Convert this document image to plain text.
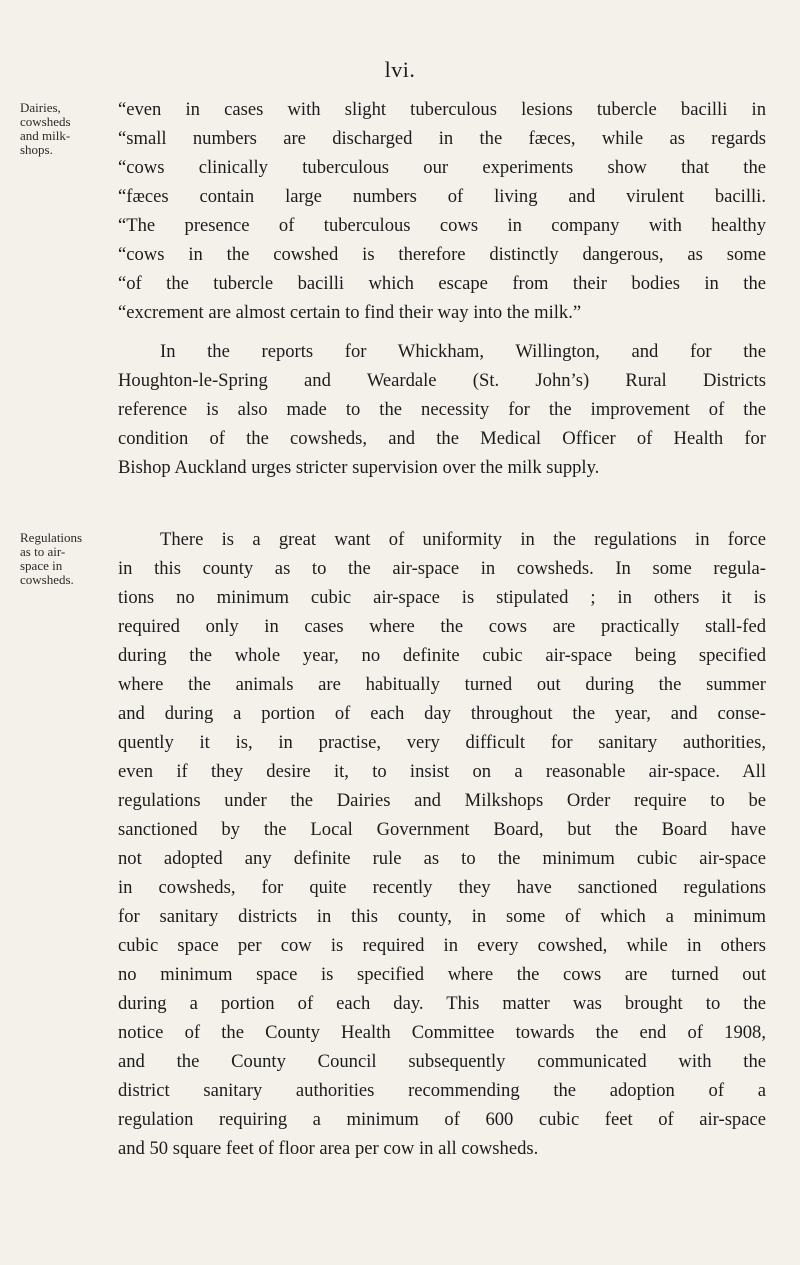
lvi.
Dairies,
cowsheds
and milk-
shops.
Regulations
as to air-
space in
cowsheds.
“even in cases with slight tuberculous lesions tubercle bacilli in
“small numbers are discharged in the fæces, while as regards
“cows clinically tuberculous our experiments show that the
“fæces contain large numbers of living and virulent bacilli.
“The presence of tuberculous cows in company with healthy
“cows in the cowshed is therefore distinctly dangerous, as some
“of the tubercle bacilli which escape from their bodies in the
“excrement are almost certain to find their way into the milk.”
In the reports for Whickham, Willington, and for the
Houghton-le-Spring and Weardale (St. John’s) Rural Districts
reference is also made to the necessity for the improvement of the
condition of the cowsheds, and the Medical Officer of Health for
Bishop Auckland urges stricter supervision over the milk supply.
There is a great want of uniformity in the regulations in force
in this county as to the air-space in cowsheds. In some regula-
tions no minimum cubic air-space is stipulated ; in others it is
required only in cases where the cows are practically stall-fed
during the whole year, no definite cubic air-space being specified
where the animals are habitually turned out during the summer
and during a portion of each day throughout the year, and conse-
quently it is, in practise, very difficult for sanitary authorities,
even if they desire it, to insist on a reasonable air-space. All
regulations under the Dairies and Milkshops Order require to be
sanctioned by the Local Government Board, but the Board have
not adopted any definite rule as to the minimum cubic air-space
in cowsheds, for quite recently they have sanctioned regulations
for sanitary districts in this county, in some of which a minimum
cubic space per cow is required in every cowshed, while in others
no minimum space is specified where the cows are turned out
during a portion of each day. This matter was brought to the
notice of the County Health Committee towards the end of 1908,
and the County Council subsequently communicated with the
district sanitary authorities recommending the adoption of a
regulation requiring a minimum of 600 cubic feet of air-space
and 50 square feet of floor area per cow in all cowsheds.
